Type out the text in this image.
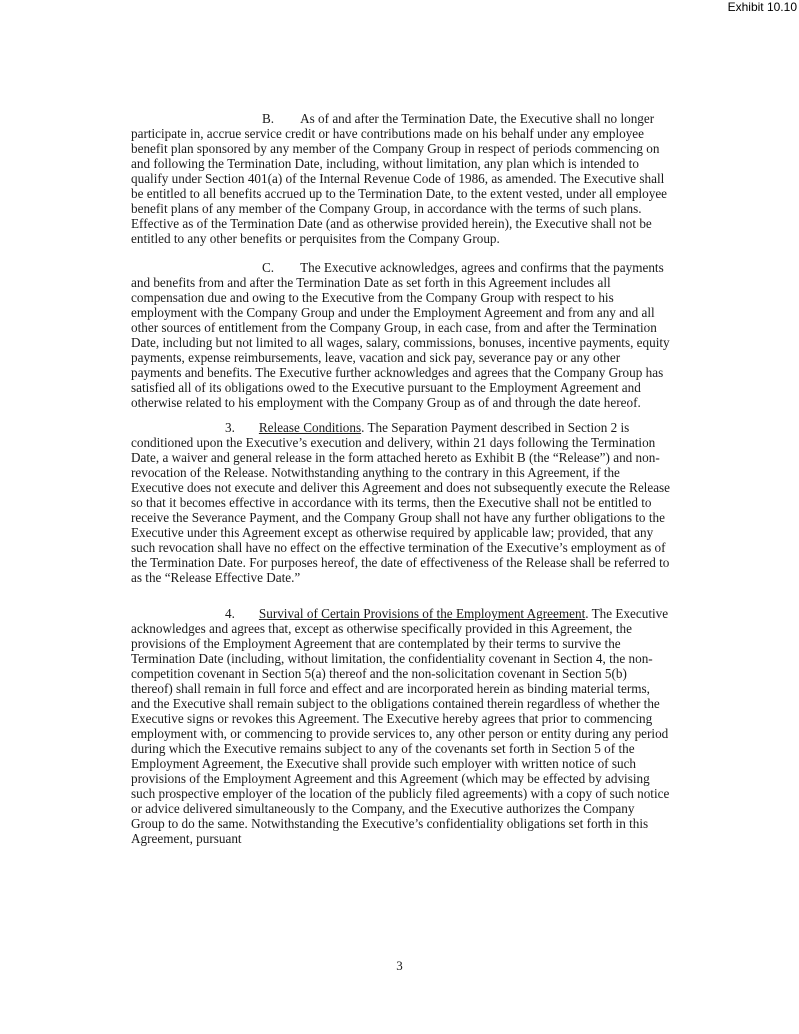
Exhibit 10.10

B. As of and after the Termination Date, the Executive shall no longer participate in, accrue service credit or have contributions made on his behalf under any employee benefit plan sponsored by any member of the Company Group in respect of periods commencing on and following the Termination Date, including, without limitation, any plan which is intended to qualify under Section 401(a) of the Internal Revenue Code of 1986, as amended. The Executive shall be entitled to all benefits accrued up to the Termination Date, to the extent vested, under all employee benefit plans of any member of the Company Group, in accordance with the terms of such plans. Effective as of the Termination Date (and as otherwise provided herein), the Executive shall not be entitled to any other benefits or perquisites from the Company Group.

C. The Executive acknowledges, agrees and confirms that the payments and benefits from and after the Termination Date as set forth in this Agreement includes all compensation due and owing to the Executive from the Company Group with respect to his employment with the Company Group and under the Employment Agreement and from any and all other sources of entitlement from the Company Group, in each case, from and after the Termination Date, including but not limited to all wages, salary, commissions, bonuses, incentive payments, equity payments, expense reimbursements, leave, vacation and sick pay, severance pay or any other payments and benefits. The Executive further acknowledges and agrees that the Company Group has satisfied all of its obligations owed to the Executive pursuant to the Employment Agreement and otherwise related to his employment with the Company Group as of and through the date hereof.

3. Release Conditions. The Separation Payment described in Section 2 is conditioned upon the Executive’s execution and delivery, within 21 days following the Termination Date, a waiver and general release in the form attached hereto as Exhibit B (the “Release”) and non-revocation of the Release. Notwithstanding anything to the contrary in this Agreement, if the Executive does not execute and deliver this Agreement and does not subsequently execute the Release so that it becomes effective in accordance with its terms, then the Executive shall not be entitled to receive the Severance Payment, and the Company Group shall not have any further obligations to the Executive under this Agreement except as otherwise required by applicable law; provided, that any such revocation shall have no effect on the effective termination of the Executive’s employment as of the Termination Date. For purposes hereof, the date of effectiveness of the Release shall be referred to as the “Release Effective Date.”

4. Survival of Certain Provisions of the Employment Agreement. The Executive acknowledges and agrees that, except as otherwise specifically provided in this Agreement, the provisions of the Employment Agreement that are contemplated by their terms to survive the Termination Date (including, without limitation, the confidentiality covenant in Section 4, the non-competition covenant in Section 5(a) thereof and the non-solicitation covenant in Section 5(b) thereof) shall remain in full force and effect and are incorporated herein as binding material terms, and the Executive shall remain subject to the obligations contained therein regardless of whether the Executive signs or revokes this Agreement. The Executive hereby agrees that prior to commencing employment with, or commencing to provide services to, any other person or entity during any period during which the Executive remains subject to any of the covenants set forth in Section 5 of the Employment Agreement, the Executive shall provide such employer with written notice of such provisions of the Employment Agreement and this Agreement (which may be effected by advising such prospective employer of the location of the publicly filed agreements) with a copy of such notice or advice delivered simultaneously to the Company, and the Executive authorizes the Company Group to do the same. Notwithstanding the Executive’s confidentiality obligations set forth in this Agreement, pursuant

3
